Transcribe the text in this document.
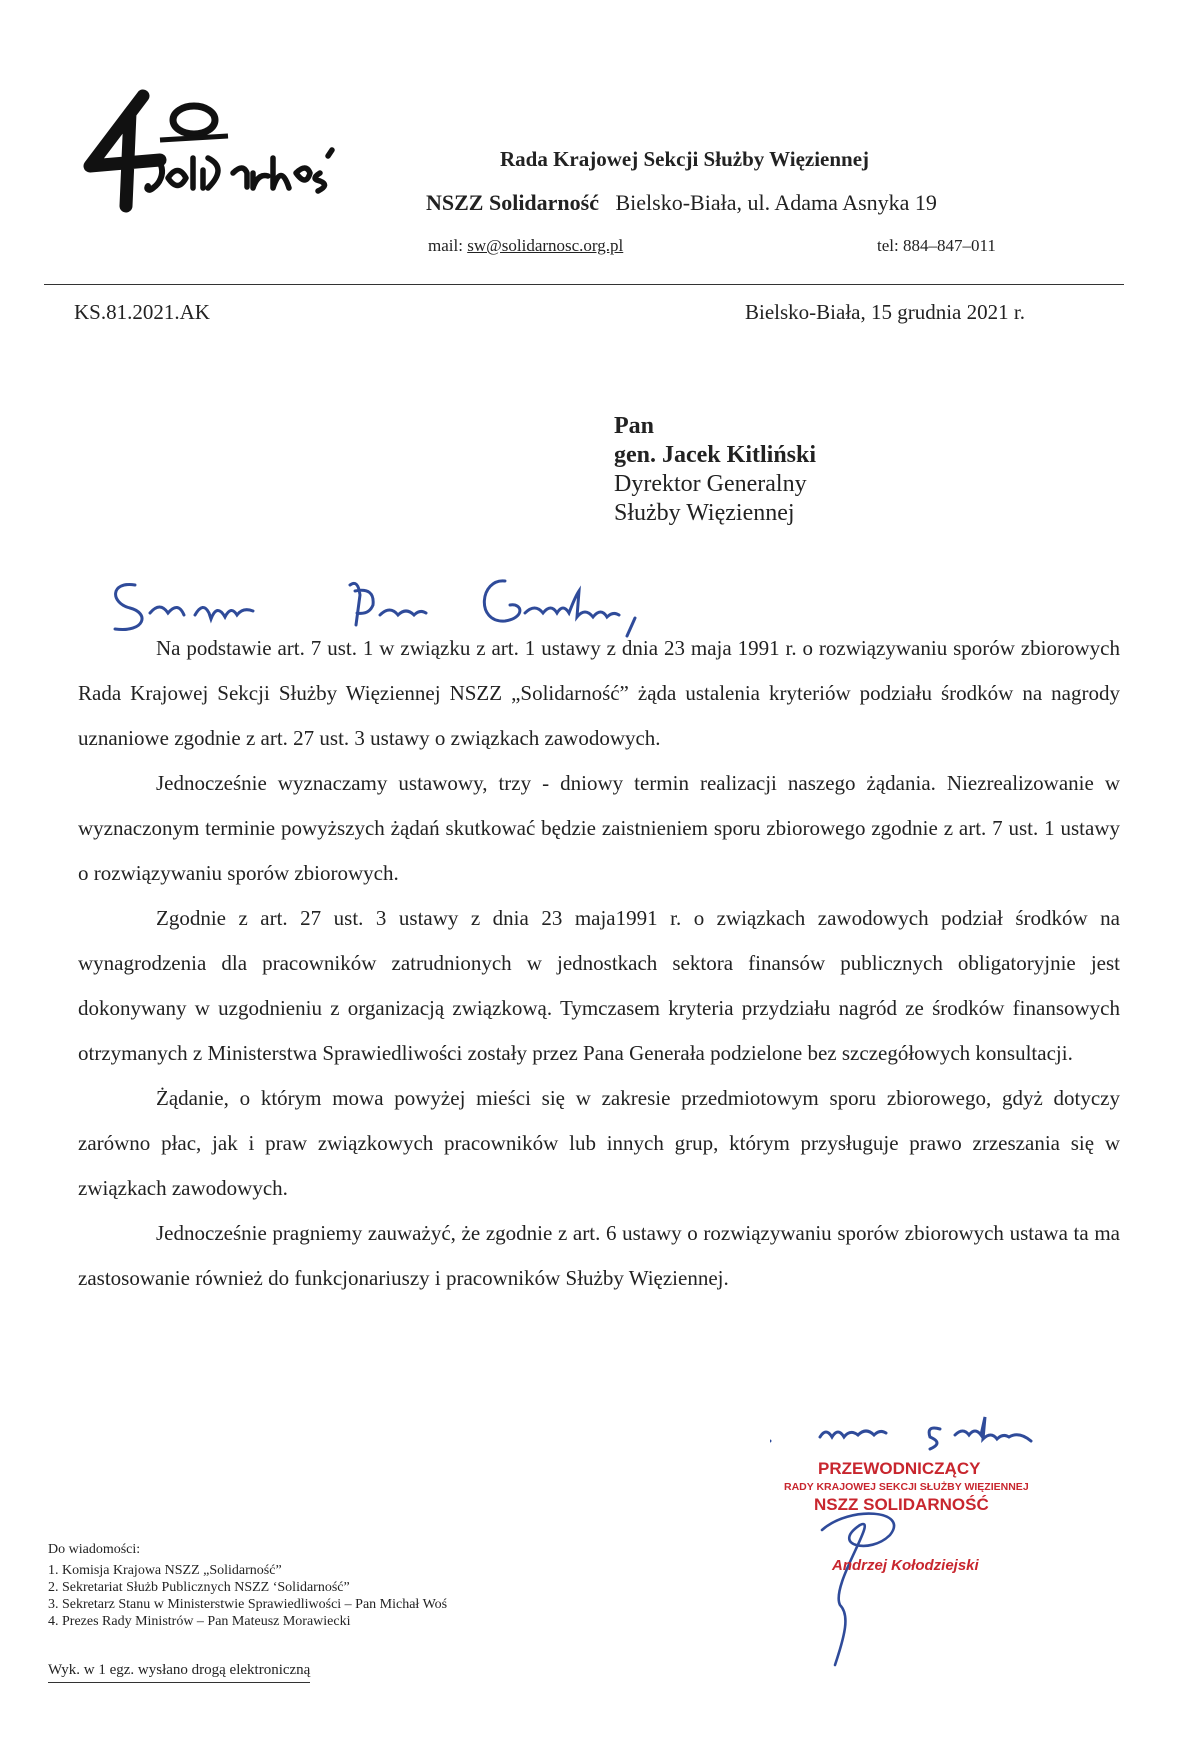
Rada Krajowej Sekcji Służby Więziennej
NSZZ Solidarność Bielsko-Biała, ul. Adama Asnyka 19
mail: sw@solidarnosc.org.pl	tel: 884–847–011
KS.81.2021.AK	Bielsko-Biała, 15 grudnia 2021 r.
Pan
gen. Jacek Kitliński
Dyrektor Generalny
Służby Więziennej

Na podstawie art. 7 ust. 1 w związku z art. 1 ustawy z dnia 23 maja 1991 r. o rozwiązywaniu sporów zbiorowych Rada Krajowej Sekcji Służby Więziennej NSZZ „Solidarność” żąda ustalenia kryteriów podziału środków na nagrody uznaniowe zgodnie z art. 27 ust. 3 ustawy o związkach zawodowych.

Jednocześnie wyznaczamy ustawowy, trzy - dniowy termin realizacji naszego żądania. Niezrealizowanie w wyznaczonym terminie powyższych żądań skutkować będzie zaistnieniem sporu zbiorowego zgodnie z art. 7 ust. 1 ustawy o rozwiązywaniu sporów zbiorowych.

Zgodnie z art. 27 ust. 3 ustawy z dnia 23 maja1991 r. o związkach zawodowych podział środków na wynagrodzenia dla pracowników zatrudnionych w jednostkach sektora finansów publicznych obligatoryjnie jest dokonywany w uzgodnieniu z organizacją związkową. Tymczasem kryteria przydziału nagród ze środków finansowych otrzymanych z Ministerstwa Sprawiedliwości zostały przez Pana Generała podzielone bez szczegółowych konsultacji.

Żądanie, o którym mowa powyżej mieści się w zakresie przedmiotowym sporu zbiorowego, gdyż dotyczy zarówno płac, jak i praw związkowych pracowników lub innych grup, którym przysługuje prawo zrzeszania się w związkach zawodowych.

Jednocześnie pragniemy zauważyć, że zgodnie z art. 6 ustawy o rozwiązywaniu sporów zbiorowych ustawa ta ma zastosowanie również do funkcjonariuszy i pracowników Służby Więziennej.

PRZEWODNICZĄCY
RADY KRAJOWEJ SEKCJI SŁUŻBY WIĘZIENNEJ
NSZZ SOLIDARNOŚĆ
Andrzej Kołodziejski
Do wiadomości:
1. Komisja Krajowa NSZZ „Solidarność”
2. Sekretariat Służb Publicznych NSZZ ‘Solidarność”
3. Sekretarz Stanu w Ministerstwie Sprawiedliwości – Pan Michał Woś
4. Prezes Rady Ministrów – Pan Mateusz Morawiecki
Wyk. w 1 egz. wysłano drogą elektroniczną
